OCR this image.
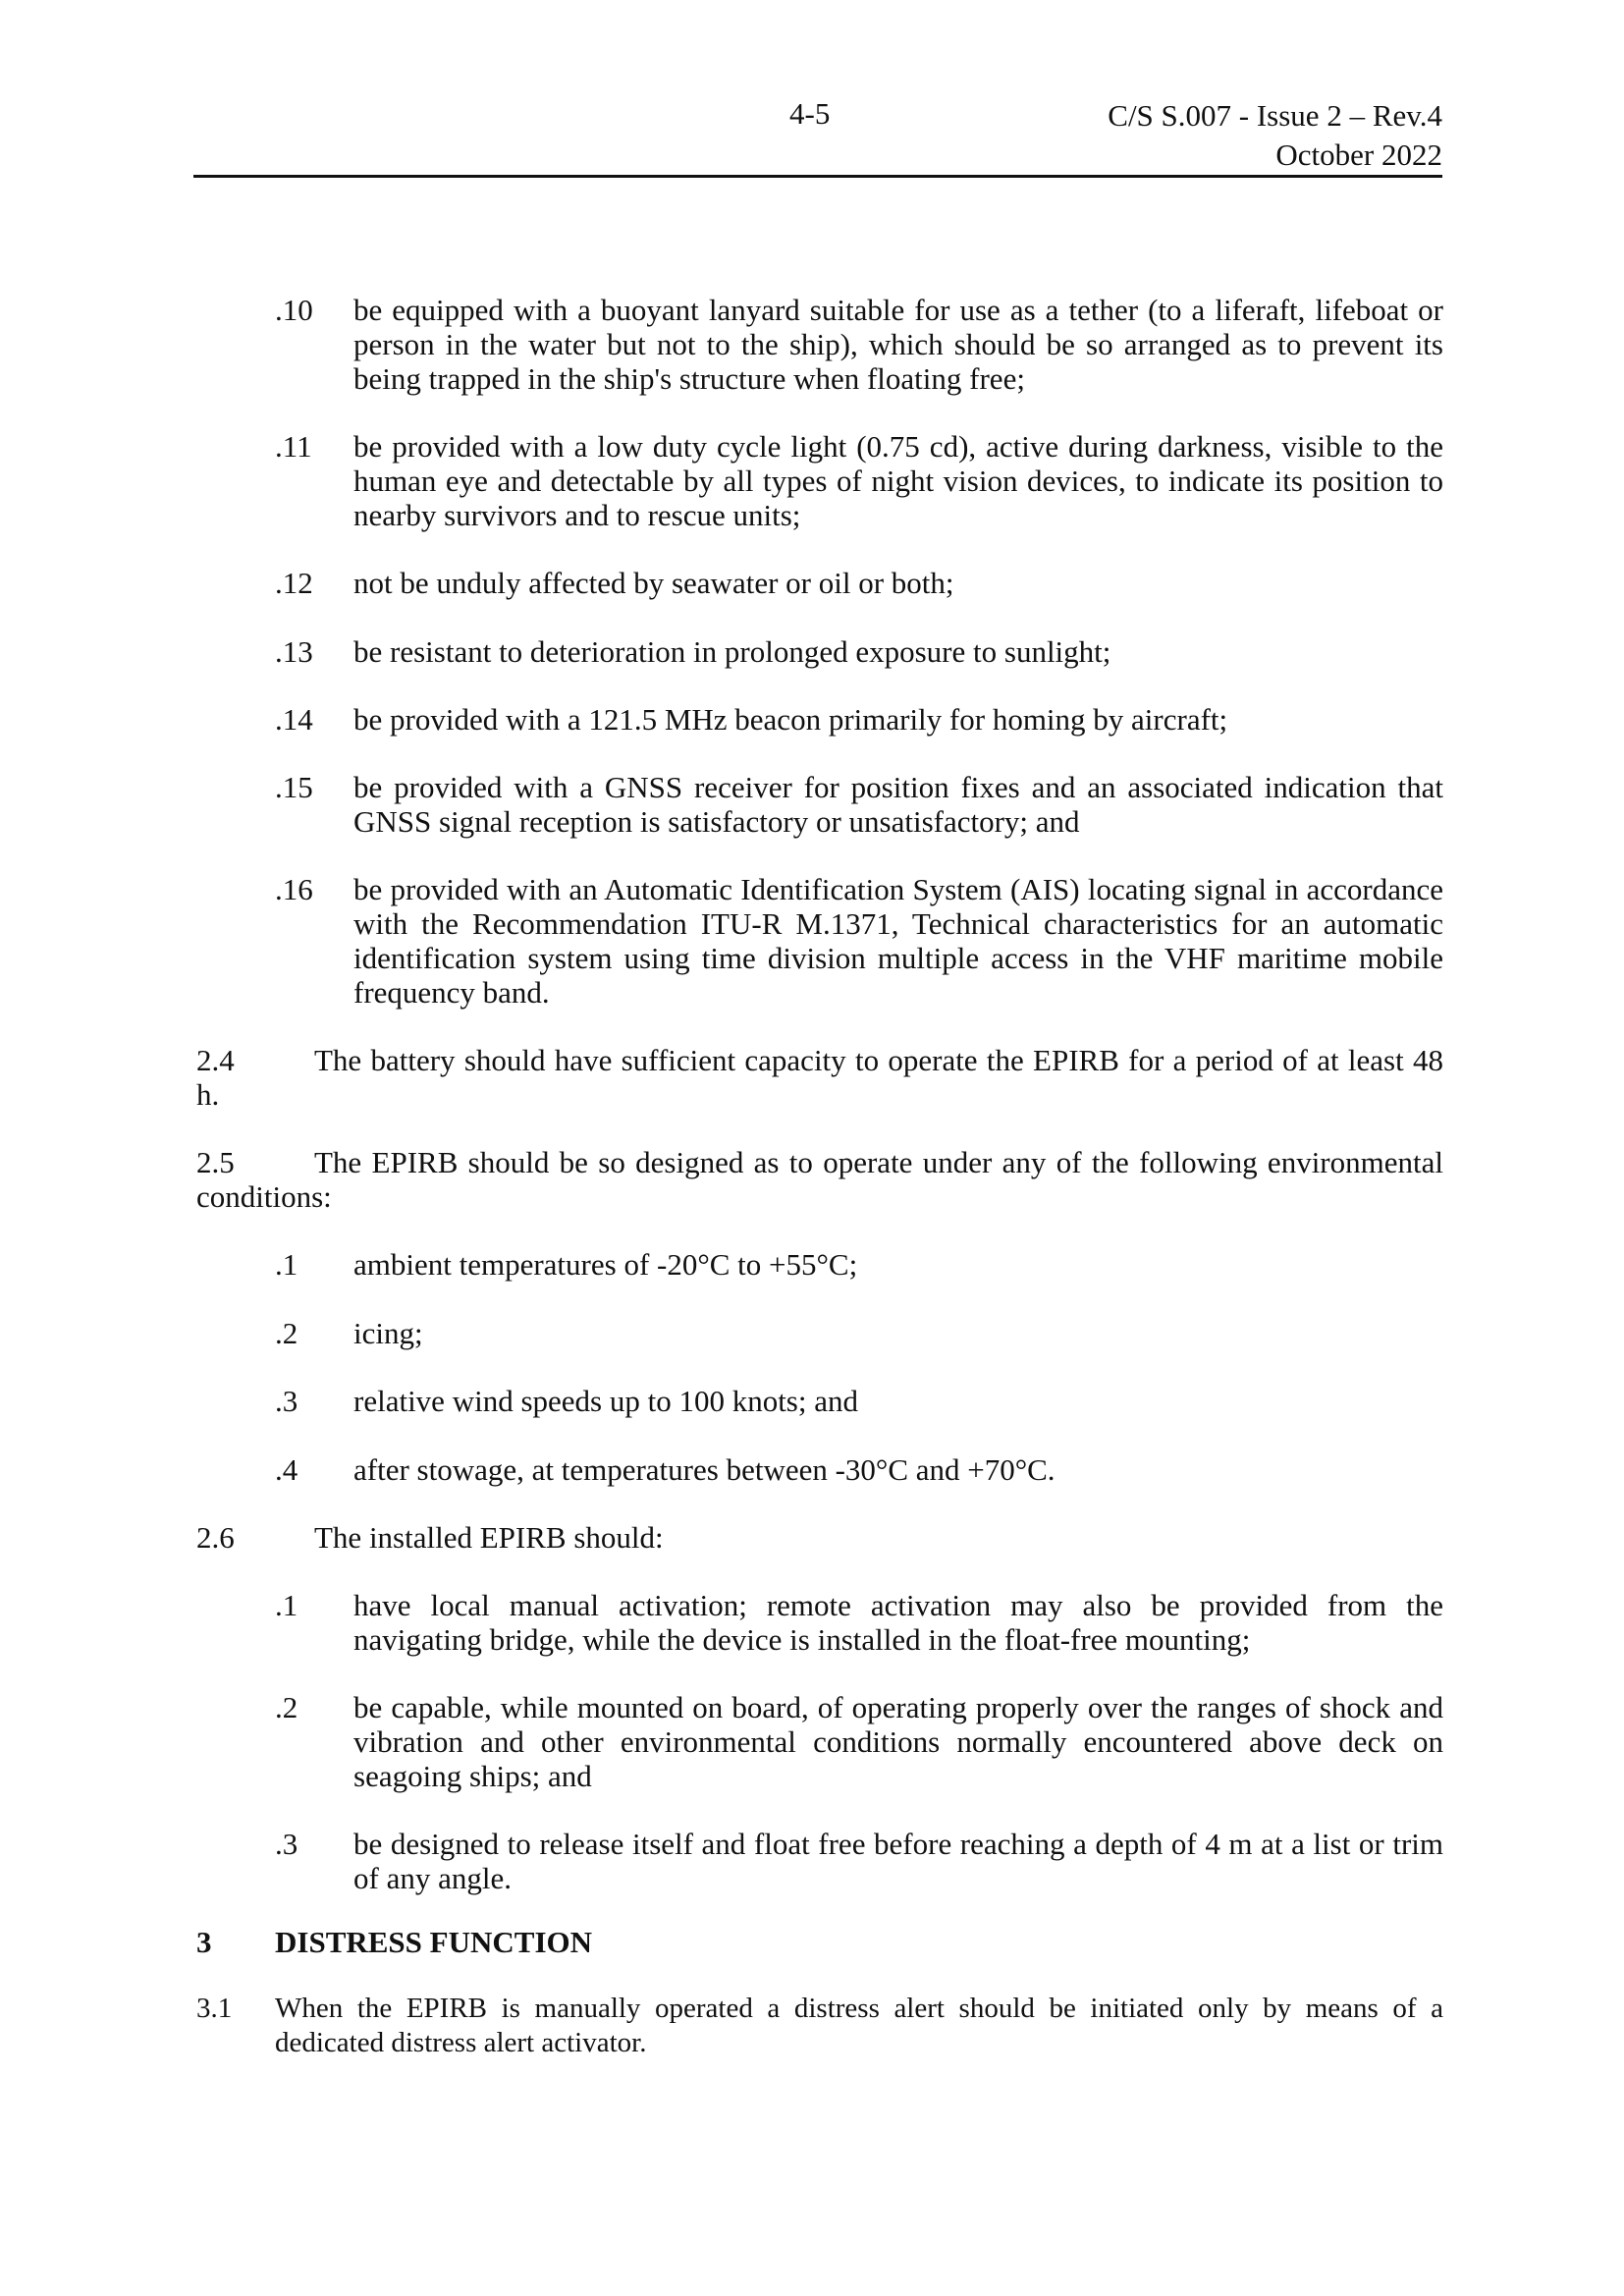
4-5	C/S S.007 - Issue 2 – Rev.4
October 2022
.10 be equipped with a buoyant lanyard suitable for use as a tether (to a liferaft, lifeboat or person in the water but not to the ship), which should be so arranged as to prevent its being trapped in the ship's structure when floating free;
.11 be provided with a low duty cycle light (0.75 cd), active during darkness, visible to the human eye and detectable by all types of night vision devices, to indicate its position to nearby survivors and to rescue units;
.12 not be unduly affected by seawater or oil or both;
.13 be resistant to deterioration in prolonged exposure to sunlight;
.14 be provided with a 121.5 MHz beacon primarily for homing by aircraft;
.15 be provided with a GNSS receiver for position fixes and an associated indication that GNSS signal reception is satisfactory or unsatisfactory; and
.16 be provided with an Automatic Identification System (AIS) locating signal in accordance with the Recommendation ITU-R M.1371, Technical characteristics for an automatic identification system using time division multiple access in the VHF maritime mobile frequency band.
2.4	The battery should have sufficient capacity to operate the EPIRB for a period of at least 48 h.
2.5	The EPIRB should be so designed as to operate under any of the following environmental conditions:
.1 ambient temperatures of -20°C to +55°C;
.2 icing;
.3 relative wind speeds up to 100 knots; and
.4 after stowage, at temperatures between -30°C and +70°C.
2.6	The installed EPIRB should:
.1 have local manual activation; remote activation may also be provided from the navigating bridge, while the device is installed in the float-free mounting;
.2 be capable, while mounted on board, of operating properly over the ranges of shock and vibration and other environmental conditions normally encountered above deck on seagoing ships; and
.3 be designed to release itself and float free before reaching a depth of 4 m at a list or trim of any angle.
3 DISTRESS FUNCTION
3.1 When the EPIRB is manually operated a distress alert should be initiated only by means of a dedicated distress alert activator.
